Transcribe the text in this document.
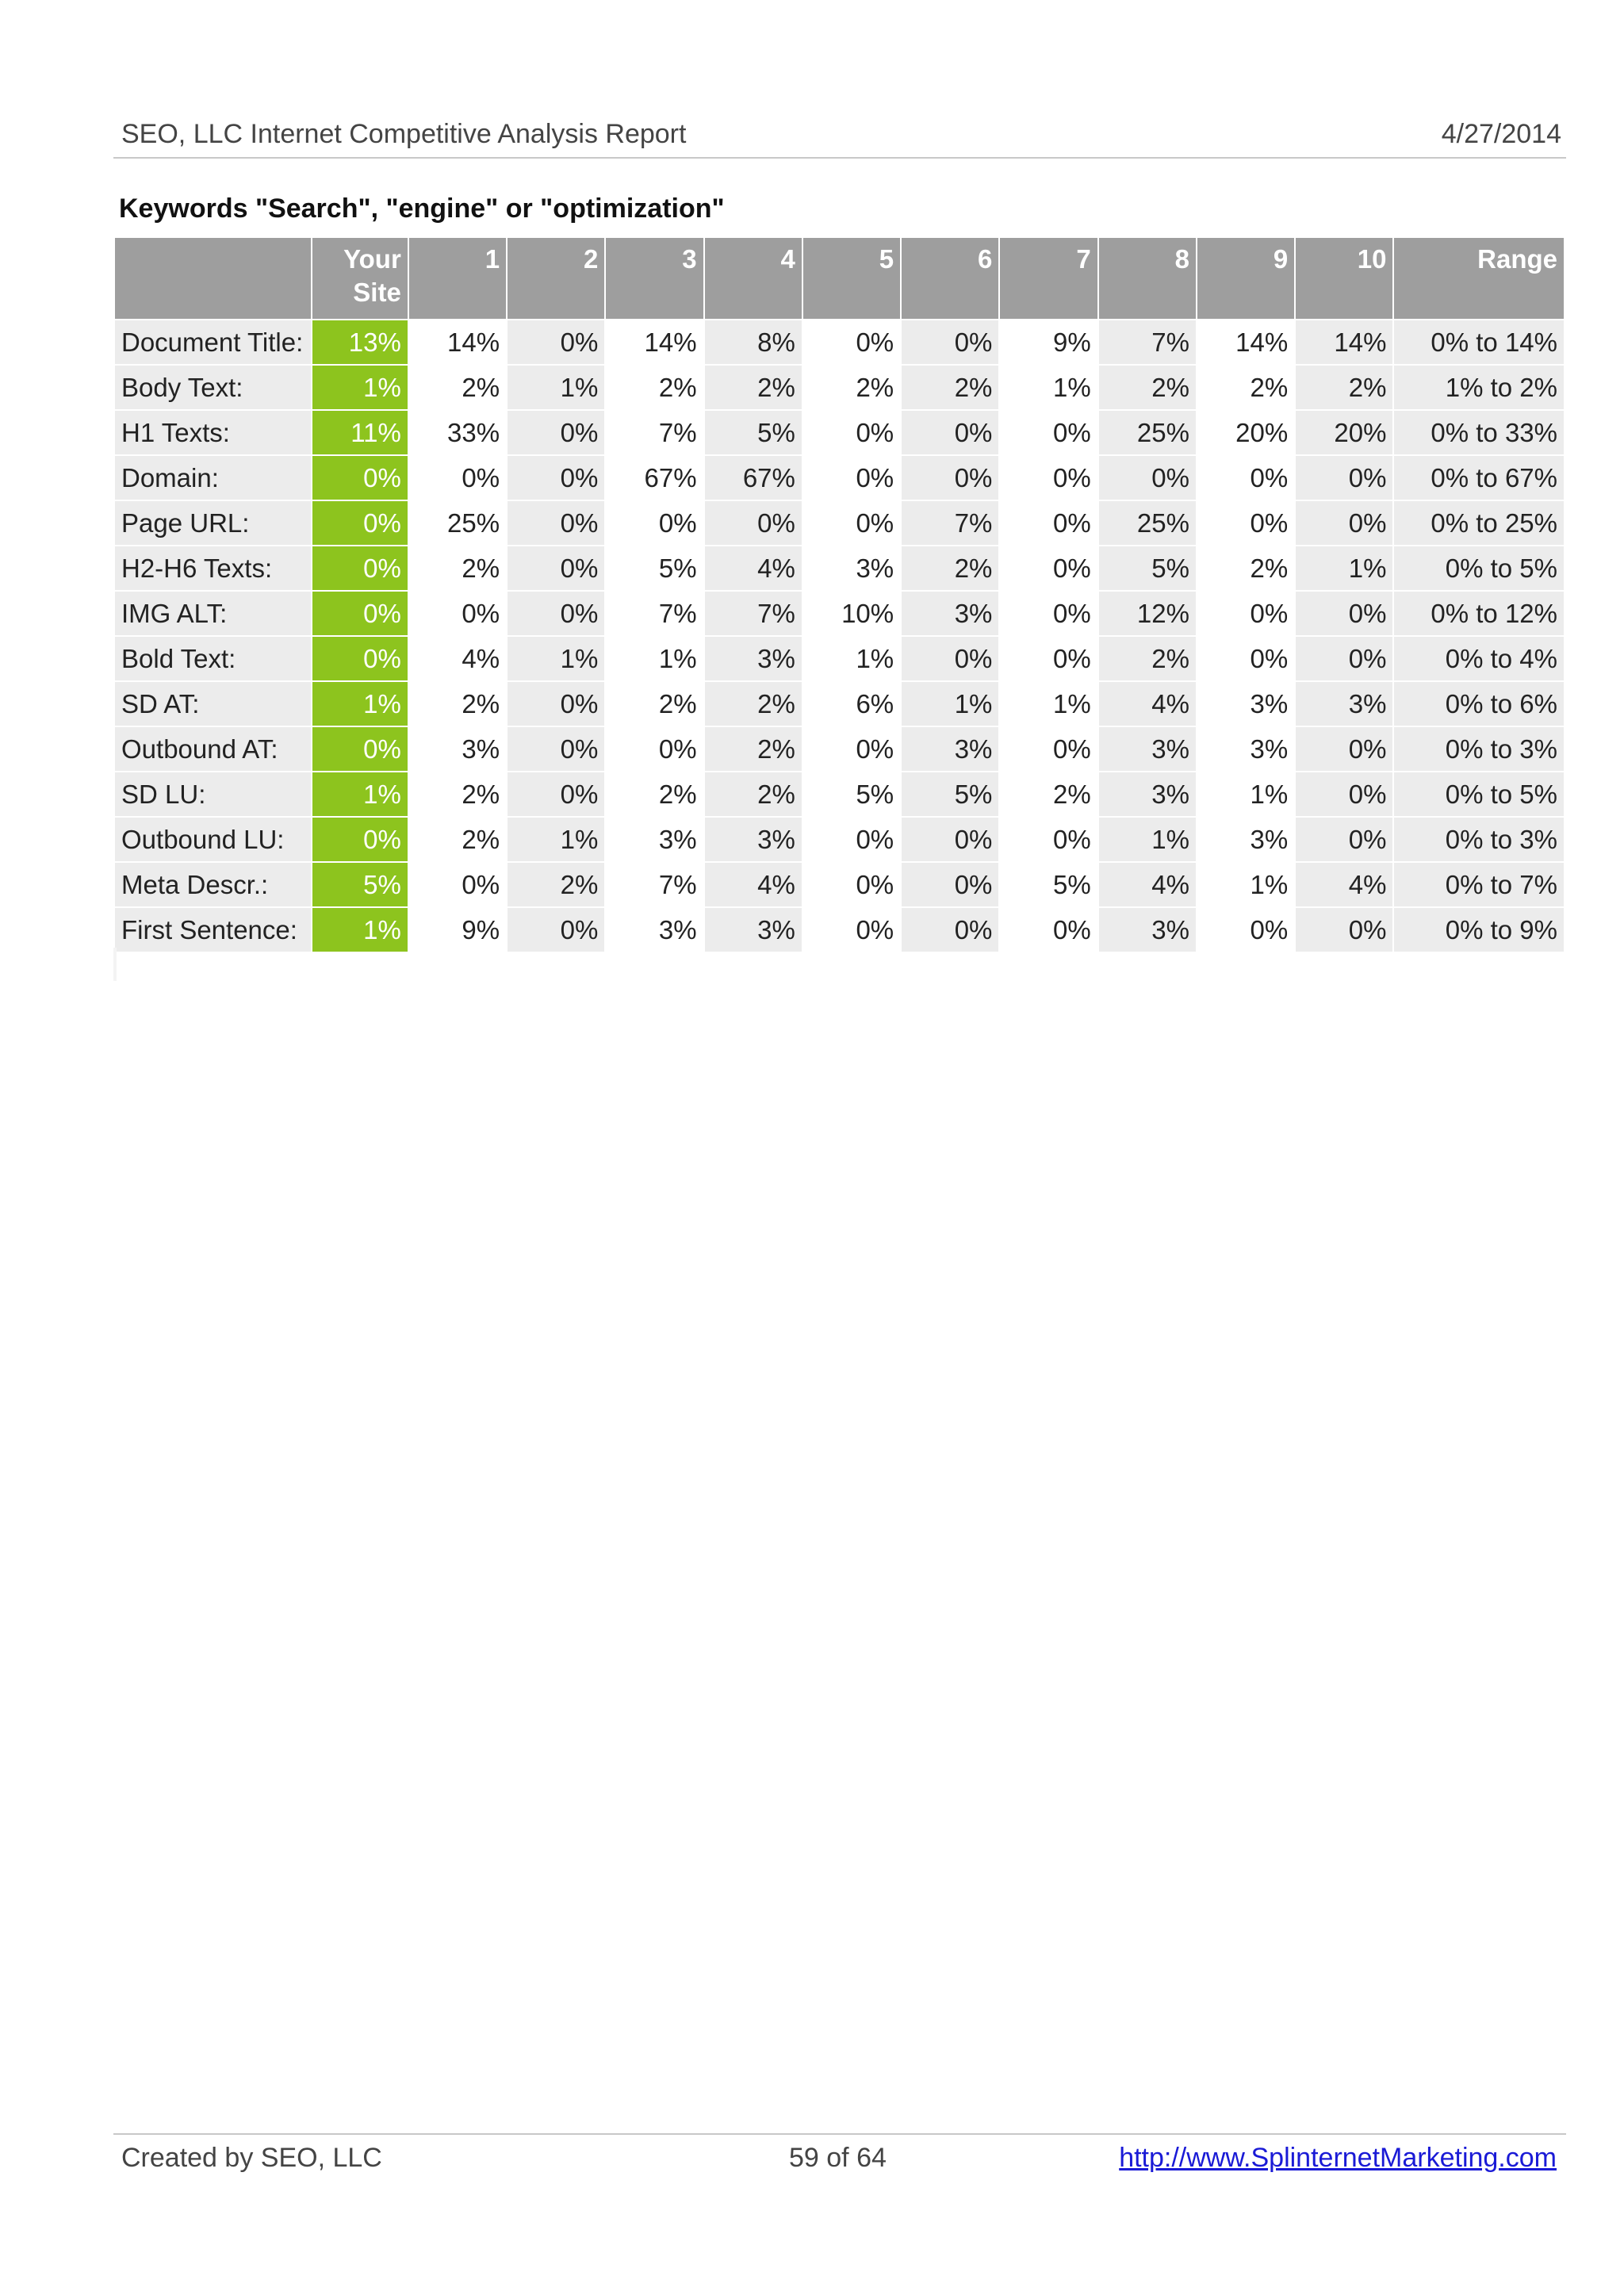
SEO, LLC Internet Competitive Analysis Report	4/27/2014
Keywords "Search", "engine" or "optimization"
	Your Site	1	2	3	4	5	6	7	8	9	10	Range
Document Title:	13%	14%	0%	14%	8%	0%	0%	9%	7%	14%	14%	0% to 14%
Body Text:	1%	2%	1%	2%	2%	2%	2%	1%	2%	2%	2%	1% to 2%
H1 Texts:	11%	33%	0%	7%	5%	0%	0%	0%	25%	20%	20%	0% to 33%
Domain:	0%	0%	0%	67%	67%	0%	0%	0%	0%	0%	0%	0% to 67%
Page URL:	0%	25%	0%	0%	0%	0%	7%	0%	25%	0%	0%	0% to 25%
H2-H6 Texts:	0%	2%	0%	5%	4%	3%	2%	0%	5%	2%	1%	0% to 5%
IMG ALT:	0%	0%	0%	7%	7%	10%	3%	0%	12%	0%	0%	0% to 12%
Bold Text:	0%	4%	1%	1%	3%	1%	0%	0%	2%	0%	0%	0% to 4%
SD AT:	1%	2%	0%	2%	2%	6%	1%	1%	4%	3%	3%	0% to 6%
Outbound AT:	0%	3%	0%	0%	2%	0%	3%	0%	3%	3%	0%	0% to 3%
SD LU:	1%	2%	0%	2%	2%	5%	5%	2%	3%	1%	0%	0% to 5%
Outbound LU:	0%	2%	1%	3%	3%	0%	0%	0%	1%	3%	0%	0% to 3%
Meta Descr.:	5%	0%	2%	7%	4%	0%	0%	5%	4%	1%	4%	0% to 7%
First Sentence:	1%	9%	0%	3%	3%	0%	0%	0%	3%	0%	0%	0% to 9%
Created by SEO, LLC	59 of 64	http://www.SplinternetMarketing.com
